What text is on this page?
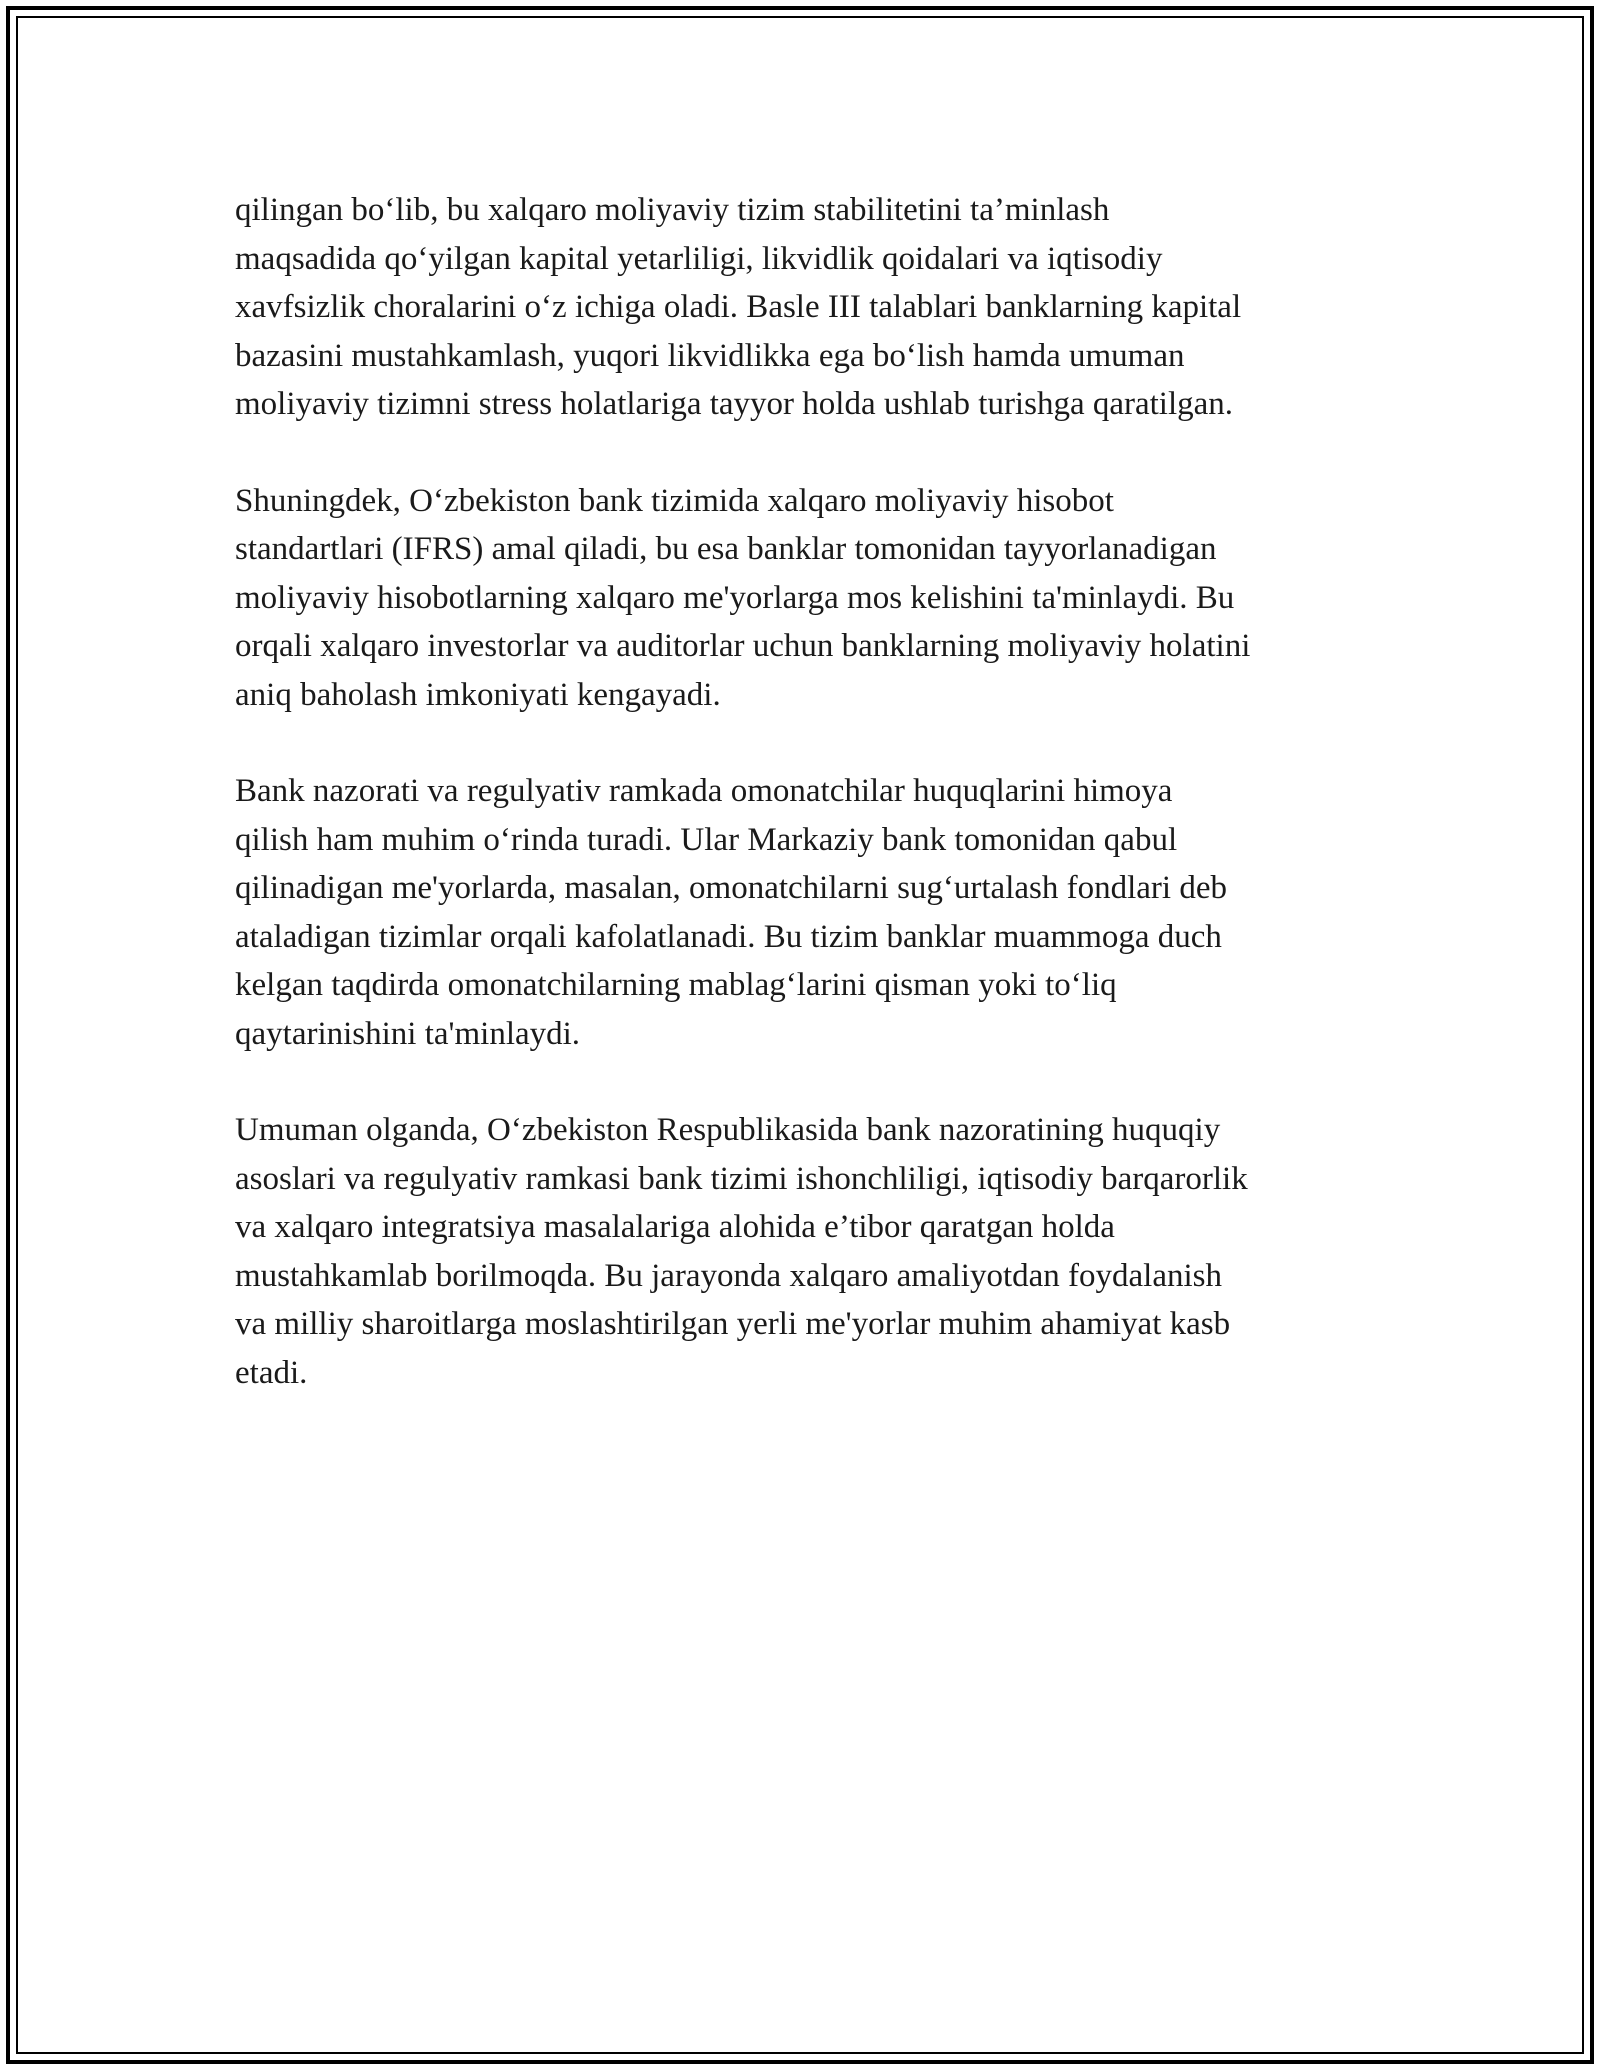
qilingan bo‘lib, bu xalqaro moliyaviy tizim stabilitetini ta’minlash
maqsadida qo‘yilgan kapital yetarliligi, likvidlik qoidalari va iqtisodiy
xavfsizlik choralarini o‘z ichiga oladi. Basle III talablari banklarning kapital
bazasini mustahkamlash, yuqori likvidlikka ega bo‘lish hamda umuman
moliyaviy tizimni stress holatlariga tayyor holda ushlab turishga qaratilgan.

Shuningdek, O‘zbekiston bank tizimida xalqaro moliyaviy hisobot
standartlari (IFRS) amal qiladi, bu esa banklar tomonidan tayyorlanadigan
moliyaviy hisobotlarning xalqaro me'yorlarga mos kelishini ta'minlaydi. Bu
orqali xalqaro investorlar va auditorlar uchun banklarning moliyaviy holatini
aniq baholash imkoniyati kengayadi.

Bank nazorati va regulyativ ramkada omonatchilar huquqlarini himoya
qilish ham muhim o‘rinda turadi. Ular Markaziy bank tomonidan qabul
qilinadigan me'yorlarda, masalan, omonatchilarni sug‘urtalash fondlari deb
ataladigan tizimlar orqali kafolatlanadi. Bu tizim banklar muammoga duch
kelgan taqdirda omonatchilarning mablag‘larini qisman yoki to‘liq
qaytarinishini ta'minlaydi.

Umuman olganda, O‘zbekiston Respublikasida bank nazoratining huquqiy
asoslari va regulyativ ramkasi bank tizimi ishonchliligi, iqtisodiy barqarorlik
va xalqaro integratsiya masalalariga alohida e’tibor qaratgan holda
mustahkamlab borilmoqda. Bu jarayonda xalqaro amaliyotdan foydalanish
va milliy sharoitlarga moslashtirilgan yerli me'yorlar muhim ahamiyat kasb
etadi.
